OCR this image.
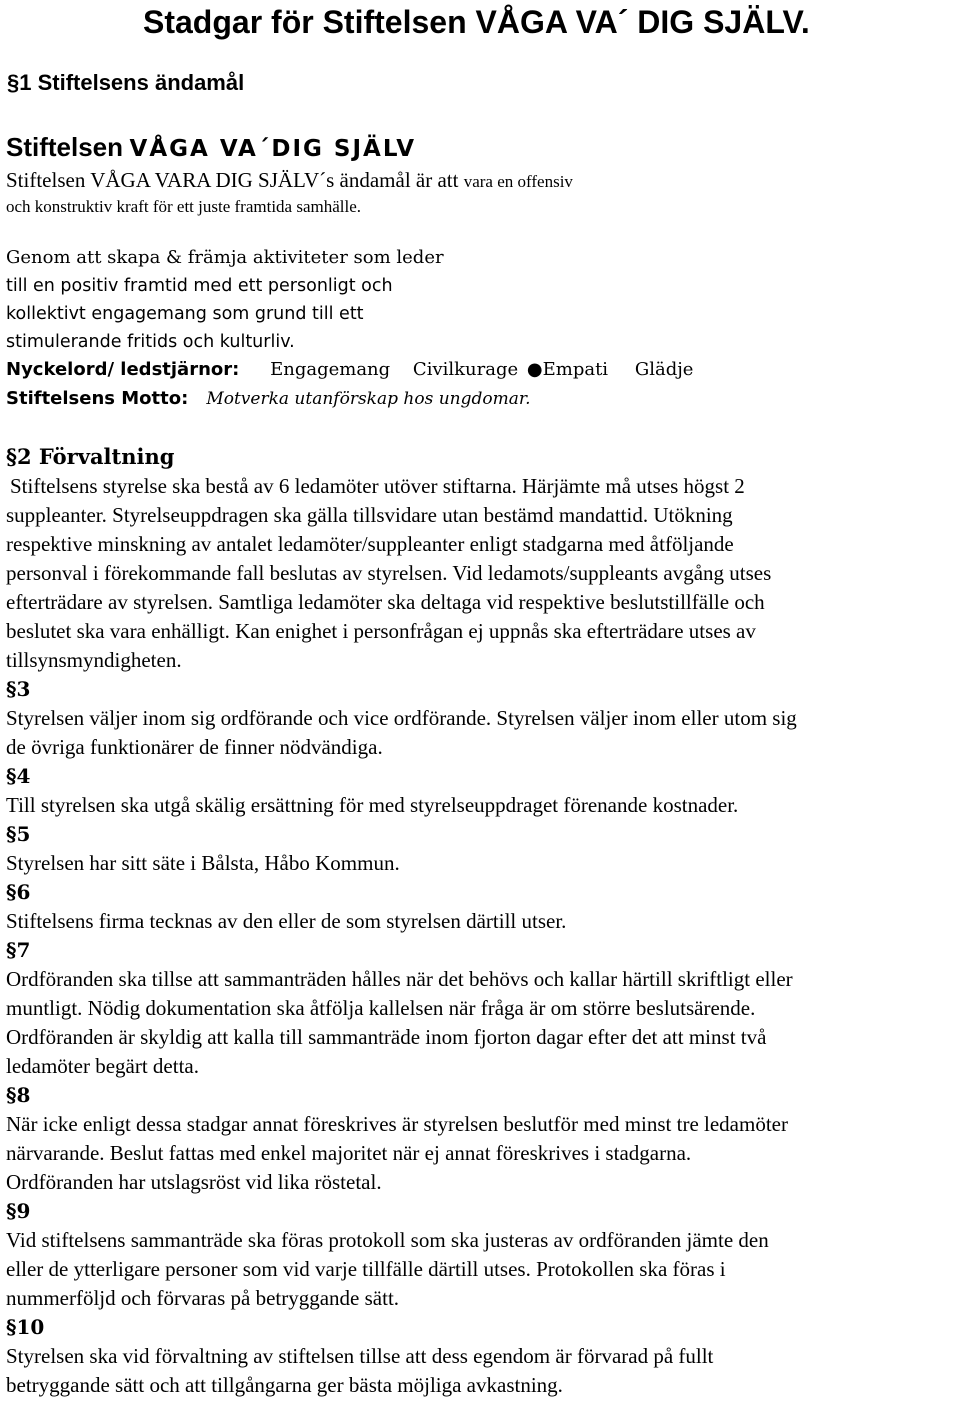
Stadgar för Stiftelsen VÅGA VA´ DIG SJÄLV.
§1 Stiftelsens ändamål
Stiftelsen VÅGA VA´DIG SJÄLV
Stiftelsen VÅGA VARA DIG SJÄLV´s ändamål är att vara en offensiv
och konstruktiv kraft för ett juste framtida samhälle.
Genom att skapa & främja aktiviteter som leder
till en positiv framtid med ett personligt och
kollektivt engagemang som grund till ett
stimulerande fritids och kulturliv.
Nyckelord/ ledstjärnor: Engagemang Civilkurage ●Empati Glädje
Stiftelsens Motto: Motverka utanförskap hos ungdomar.
§2 Förvaltning
Stiftelsens styrelse ska bestå av 6 ledamöter utöver stiftarna. Härjämte må utses högst 2
suppleanter. Styrelseuppdragen ska gälla tillsvidare utan bestämd mandattid. Utökning
respektive minskning av antalet ledamöter/suppleanter enligt stadgarna med åtföljande
personval i förekommande fall beslutas av styrelsen. Vid ledamots/suppleants avgång utses
efterträdare av styrelsen. Samtliga ledamöter ska deltaga vid respektive beslutstillfälle och
beslutet ska vara enhälligt. Kan enighet i personfrågan ej uppnås ska efterträdare utses av
tillsynsmyndigheten.
§3
Styrelsen väljer inom sig ordförande och vice ordförande. Styrelsen väljer inom eller utom sig
de övriga funktionärer de finner nödvändiga.
§4
Till styrelsen ska utgå skälig ersättning för med styrelseuppdraget förenande kostnader.
§5
Styrelsen har sitt säte i Bålsta, Håbo Kommun.
§6
Stiftelsens firma tecknas av den eller de som styrelsen därtill utser.
§7
Ordföranden ska tillse att sammanträden hålles när det behövs och kallar härtill skriftligt eller
muntligt. Nödig dokumentation ska åtfölja kallelsen när fråga är om större beslutsärende.
Ordföranden är skyldig att kalla till sammanträde inom fjorton dagar efter det att minst två
ledamöter begärt detta.
§8
När icke enligt dessa stadgar annat föreskrives är styrelsen beslutför med minst tre ledamöter
närvarande. Beslut fattas med enkel majoritet när ej annat föreskrives i stadgarna.
Ordföranden har utslagsröst vid lika röstetal.
§9
Vid stiftelsens sammanträde ska föras protokoll som ska justeras av ordföranden jämte den
eller de ytterligare personer som vid varje tillfälle därtill utses. Protokollen ska föras i
nummerföljd och förvaras på betryggande sätt.
§10
Styrelsen ska vid förvaltning av stiftelsen tillse att dess egendom är förvarad på fullt
betryggande sätt och att tillgångarna ger bästa möjliga avkastning.
